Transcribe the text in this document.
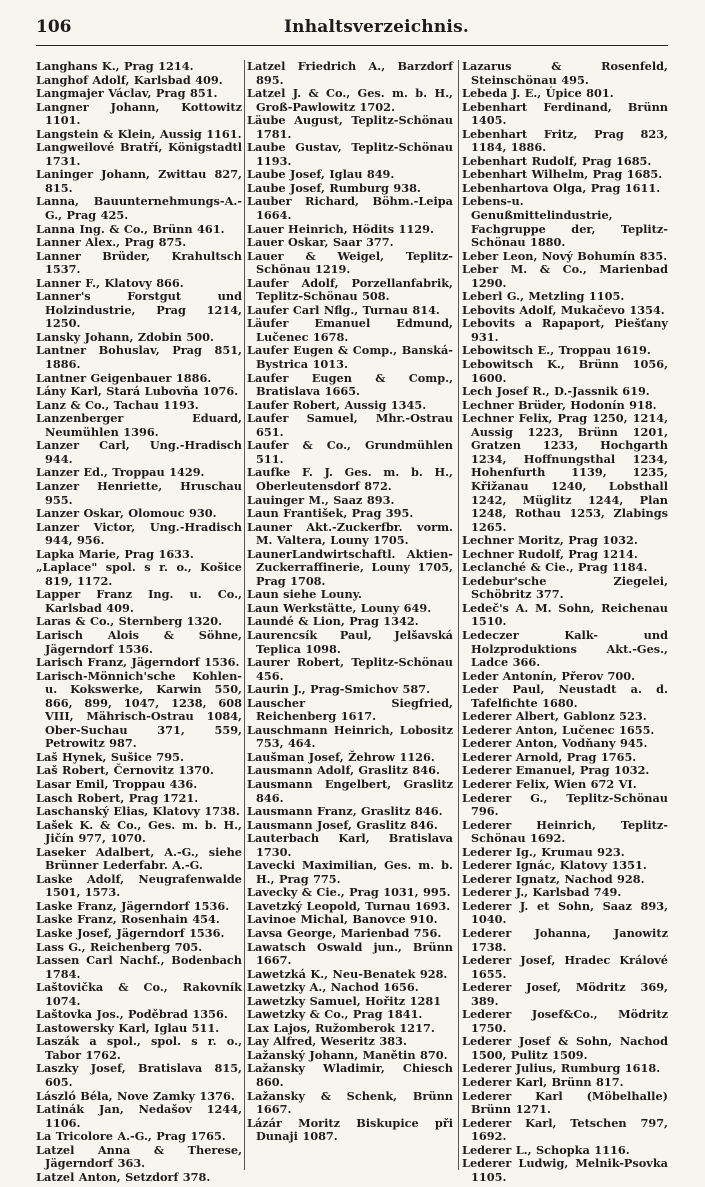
106	Inhaltsverzeichnis.
Langhans K., Prag 1214.
Langhof Adolf, Karlsbad 409.
Langmajer Václav, Prag 851.
Langner Johann, Kottowitz 1101.
Langstein & Klein, Aussig 1161.
Langweilové Bratří, Königstadtl 1731.
Laninger Johann, Zwittau 827, 815.
Lanna, Bauunternehmungs-A.-G., Prag 425.
Lanna Ing. & Co., Brünn 461.
Lanner Alex., Prag 875.
Lanner Brüder, Krahultsch 1537.
Lanner F., Klatovy 866.
Lanner's Forstgut und Holzindustrie, Prag 1214, 1250.
Lansky Johann, Zdobin 500.
Lantner Bohuslav, Prag 851, 1886.
Lantner Geigenbauer 1886.
Lány Karl, Stará Lubovňa 1076.
Lanz & Co., Tachau 1193.
Lanzenberger Eduard, Neumühlen 1396.
Lanzer Carl, Ung.-Hradisch 944.
Lanzer Ed., Troppau 1429.
Lanzer Henriette, Hruschau 955.
Lanzer Oskar, Olomouc 930.
Lanzer Victor, Ung.-Hradisch 944, 956.
Lapka Marie, Prag 1633.
„Laplace" spol. s r. o., Košice 819, 1172.
Lapper Franz Ing. u. Co., Karlsbad 409.
Laras & Co., Sternberg 1320.
Larisch Alois & Söhne, Jägerndorf 1536.
Larisch Franz, Jägerndorf 1536.
Larisch-Mönnich'sche Kohlen- u. Kokswerke, Karwin 550, 866, 899, 1047, 1238, 608 VIII, Mährisch-Ostrau 1084, Ober-Suchau 371, 559, Petrowitz 987.
Laš Hynek, Sušice 795.
Laš Robert, Černovitz 1370.
Lasar Emil, Troppau 436.
Lasch Robert, Prag 1721.
Laschanský Elias, Klatovy 1738.
Lašek K. & Co., Ges. m. b. H., Jičín 977, 1070.
Laseker Adalbert, A.-G., siehe Brünner Lederfabr. A.-G.
Laske Adolf, Neugrafenwalde 1501, 1573.
Laske Franz, Jägerndorf 1536.
Laske Franz, Rosenhain 454.
Laske Josef, Jägerndorf 1536.
Lass G., Reichenberg 705.
Lassen Carl Nachf., Bodenbach 1784.
Laštovička & Co., Rakovník 1074.
Laštovka Jos., Poděbrad 1356.
Lastowersky Karl, Iglau 511.
Laszák a spol., spol. s r. o., Tabor 1762.
Laszky Josef, Bratislava 815, 605.
László Béla, Nove Zamky 1376.
Latinák Jan, Nedašov 1244, 1106.
La Tricolore A.-G., Prag 1765.
Latzel Anna & Therese, Jägerndorf 363.
Latzel Anton, Setzdorf 378.
Latzel Friedrich A., Barzdorf 895.
Latzel J. & Co., Ges. m. b. H., Groß-Pawlowitz 1702.
Läube August, Teplitz-Schönau 1781.
Laube Gustav, Teplitz-Schönau 1193.
Laube Josef, Iglau 849.
Laube Josef, Rumburg 938.
Lauber Richard, Böhm.-Leipa 1664.
Lauer Heinrich, Hödits 1129.
Lauer Oskar, Saar 377.
Lauer & Weigel, Teplitz-Schönau 1219.
Laufer Adolf, Porzellanfabrik, Teplitz-Schönau 508.
Laufer Carl Nflg., Turnau 814.
Läufer Emanuel Edmund, Lučenec 1678.
Laufer Eugen & Comp., Banská-Bystrica 1013.
Laufer Eugen & Comp., Bratislava 1665.
Laufer Robert, Aussig 1345.
Laufer Samuel, Mhr.-Ostrau 651.
Laufer & Co., Grundmühlen 511.
Laufke F. J. Ges. m. b. H., Oberleutensdorf 872.
Lauinger M., Saaz 893.
Laun František, Prag 395.
Launer Akt.-Zuckerfbr. vorm. M. Valtera, Louny 1705.
LaunerLandwirtschaftl. Aktien-Zuckerraffinerie, Louny 1705, Prag 1708.
Laun siehe Louny.
Laun Werkstätte, Louny 649.
Laundé & Lion, Prag 1342.
Laurencsík Paul, Jelšavská Teplica 1098.
Laurer Robert, Teplitz-Schönau 456.
Laurin J., Prag-Smichov 587.
Lauscher Siegfried, Reichenberg 1617.
Lauschmann Heinrich, Lobositz 753, 464.
Laušman Josef, Žehrow 1126.
Lausmann Adolf, Graslitz 846.
Lausmann Engelbert, Graslitz 846.
Lausmann Franz, Graslitz 846.
Lausmann Josef, Graslitz 846.
Lauterbach Karl, Bratislava 1730.
Lavecki Maximilian, Ges. m. b. H., Prag 775.
Lavecky & Cie., Prag 1031, 995.
Lavetzký Leopold, Turnau 1693.
Lavinoe Michal, Banovce 910.
Lavsa George, Marienbad 756.
Lawatsch Oswald jun., Brünn 1667.
Lawetzká K., Neu-Benatek 928.
Lawetzky A., Nachod 1656.
Lawetzky Samuel, Hořitz 1281
Lawetzky & Co., Prag 1841.
Lax Lajos, Ružomberok 1217.
Lay Alfred, Weseritz 383.
Lažanský Johann, Manětin 870.
Lažansky Wladimir, Chiesch 860.
Lažansky & Schenk, Brünn 1667.
Lázár Moritz Biskupice při Dunaji 1087.
Lazarus & Rosenfeld, Steinschönau 495.
Lebeda J. E., Úpice 801.
Lebenhart Ferdinand, Brünn 1405.
Lebenhart Fritz, Prag 823, 1184, 1886.
Lebenhart Rudolf, Prag 1685.
Lebenhart Wilhelm, Prag 1685.
Lebenhartova Olga, Prag 1611.
Lebens-u. Genußmittelindustrie, Fachgruppe der, Teplitz-Schönau 1880.
Leber Leon, Nový Bohumín 835.
Leber M. & Co., Marienbad 1290.
Leberl G., Metzling 1105.
Lebovits Adolf, Mukačevo 1354.
Lebovits a Rapaport, Piešťany 931.
Lebowitsch E., Troppau 1619.
Lebowitsch K., Brünn 1056, 1600.
Lech Josef R., D.-Jassnik 619.
Lechner Brüder, Hodonín 918.
Lechner Felix, Prag 1250, 1214, Aussig 1223, Brünn 1201, Gratzen 1233, Hochgarth 1234, Hoffnungsthal 1234, Hohenfurth 1139, 1235, Křižanau 1240, Lobsthall 1242, Müglitz 1244, Plan 1248, Rothau 1253, Zlabings 1265.
Lechner Moritz, Prag 1032.
Lechner Rudolf, Prag 1214.
Leclanché & Cie., Prag 1184.
Ledebur'sche Ziegelei, Schöbritz 377.
Ledeč's A. M. Sohn, Reichenau 1510.
Ledeczer Kalk- und Holzproduktions Akt.-Ges., Ladce 366.
Leder Antonín, Přerov 700.
Leder Paul, Neustadt a. d. Tafelfichte 1680.
Lederer Albert, Gablonz 523.
Lederer Anton, Lučenec 1655.
Lederer Anton, Vodňany 945.
Lederer Arnold, Prag 1765.
Lederer Emanuel, Prag 1032.
Lederer Felix, Wien 672 VI.
Lederer G., Teplitz-Schönau 796.
Lederer Heinrich, Teplitz-Schönau 1692.
Lederer Ig., Krumau 923.
Lederer Ignác, Klatovy 1351.
Lederer Ignatz, Nachod 928.
Lederer J., Karlsbad 749.
Lederer J. et Sohn, Saaz 893, 1040.
Lederer Johanna, Janowitz 1738.
Lederer Josef, Hradec Králové 1655.
Lederer Josef, Mödritz 369, 389.
Lederer Josef&Co., Mödritz 1750.
Lederer Josef & Sohn, Nachod 1500, Pulitz 1509.
Lederer Julius, Rumburg 1618.
Lederer Karl, Brünn 817.
Lederer Karl (Möbelhalle) Brünn 1271.
Lederer Karl, Tetschen 797, 1692.
Lederer L., Schopka 1116.
Lederer Ludwig, Melnik-Psovka 1105.
